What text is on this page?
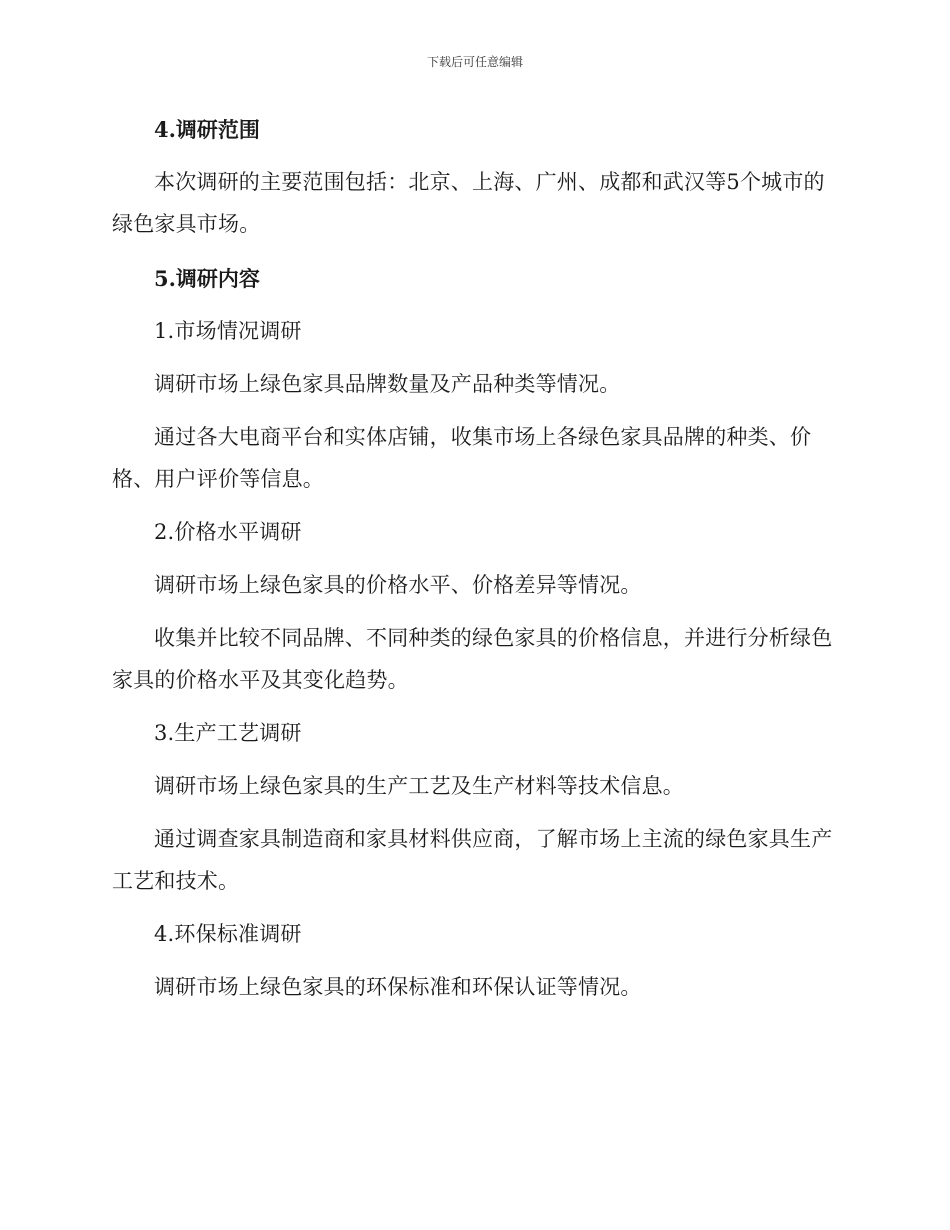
下载后可任意编辑

4.调研范围

本次调研的主要范围包括：北京、上海、广州、成都和武汉等5个城市的绿色家具市场。

5.调研内容

1.市场情况调研

调研市场上绿色家具品牌数量及产品种类等情况。

通过各大电商平台和实体店铺，收集市场上各绿色家具品牌的种类、价格、用户评价等信息。

2.价格水平调研

调研市场上绿色家具的价格水平、价格差异等情况。

收集并比较不同品牌、不同种类的绿色家具的价格信息，并进行分析绿色家具的价格水平及其变化趋势。

3.生产工艺调研

调研市场上绿色家具的生产工艺及生产材料等技术信息。

通过调查家具制造商和家具材料供应商，了解市场上主流的绿色家具生产工艺和技术。

4.环保标准调研

调研市场上绿色家具的环保标准和环保认证等情况。
